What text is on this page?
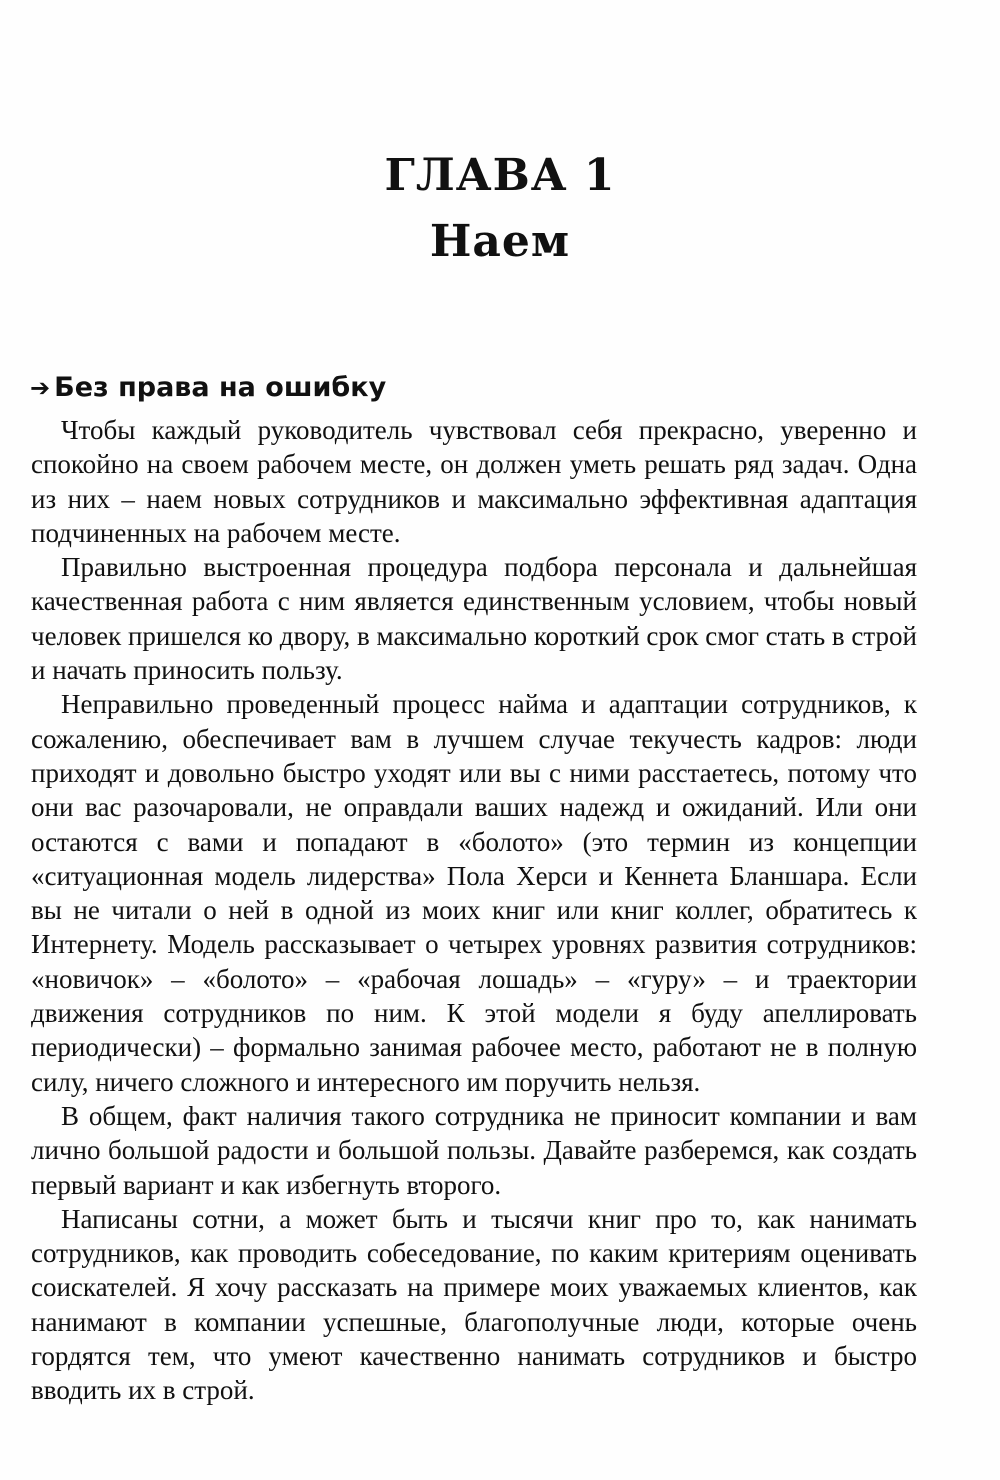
ГЛАВА 1
Наем
➔ Без права на ошибку

Чтобы каждый руководитель чувствовал себя прекрасно, уверенно и спокойно на своем рабочем месте, он должен уметь решать ряд задач. Одна из них – наем новых сотрудников и максимально эффективная адаптация подчиненных на рабочем месте.

Правильно выстроенная процедура подбора персонала и дальнейшая качественная работа с ним является единственным условием, чтобы новый человек пришелся ко двору, в максимально короткий срок смог стать в строй и начать приносить пользу.

Неправильно проведенный процесс найма и адаптации сотрудников, к сожалению, обеспечивает вам в лучшем случае текучесть кадров: люди приходят и довольно быстро уходят или вы с ними расстаетесь, потому что они вас разочаровали, не оправдали ваших надежд и ожиданий. Или они остаются с вами и попадают в «болото» (это термин из концепции «ситуационная модель лидерства» Пола Херси и Кеннета Бланшара. Если вы не читали о ней в одной из моих книг или книг коллег, обратитесь к Интернету. Модель рассказывает о четырех уровнях развития сотрудников: «новичок» – «болото» – «рабочая лошадь» – «гуру» – и траектории движения сотрудников по ним. К этой модели я буду апеллировать периодически) – формально занимая рабочее место, работают не в полную силу, ничего сложного и интересного им поручить нельзя.

В общем, факт наличия такого сотрудника не приносит компании и вам лично большой радости и большой пользы. Давайте разберемся, как создать первый вариант и как избегнуть второго.

Написаны сотни, а может быть и тысячи книг про то, как нанимать сотрудников, как проводить собеседование, по каким критериям оценивать соискателей. Я хочу рассказать на примере моих уважаемых клиентов, как нанимают в компании успешные, благополучные люди, которые очень гордятся тем, что умеют качественно нанимать сотрудников и быстро вводить их в строй.
